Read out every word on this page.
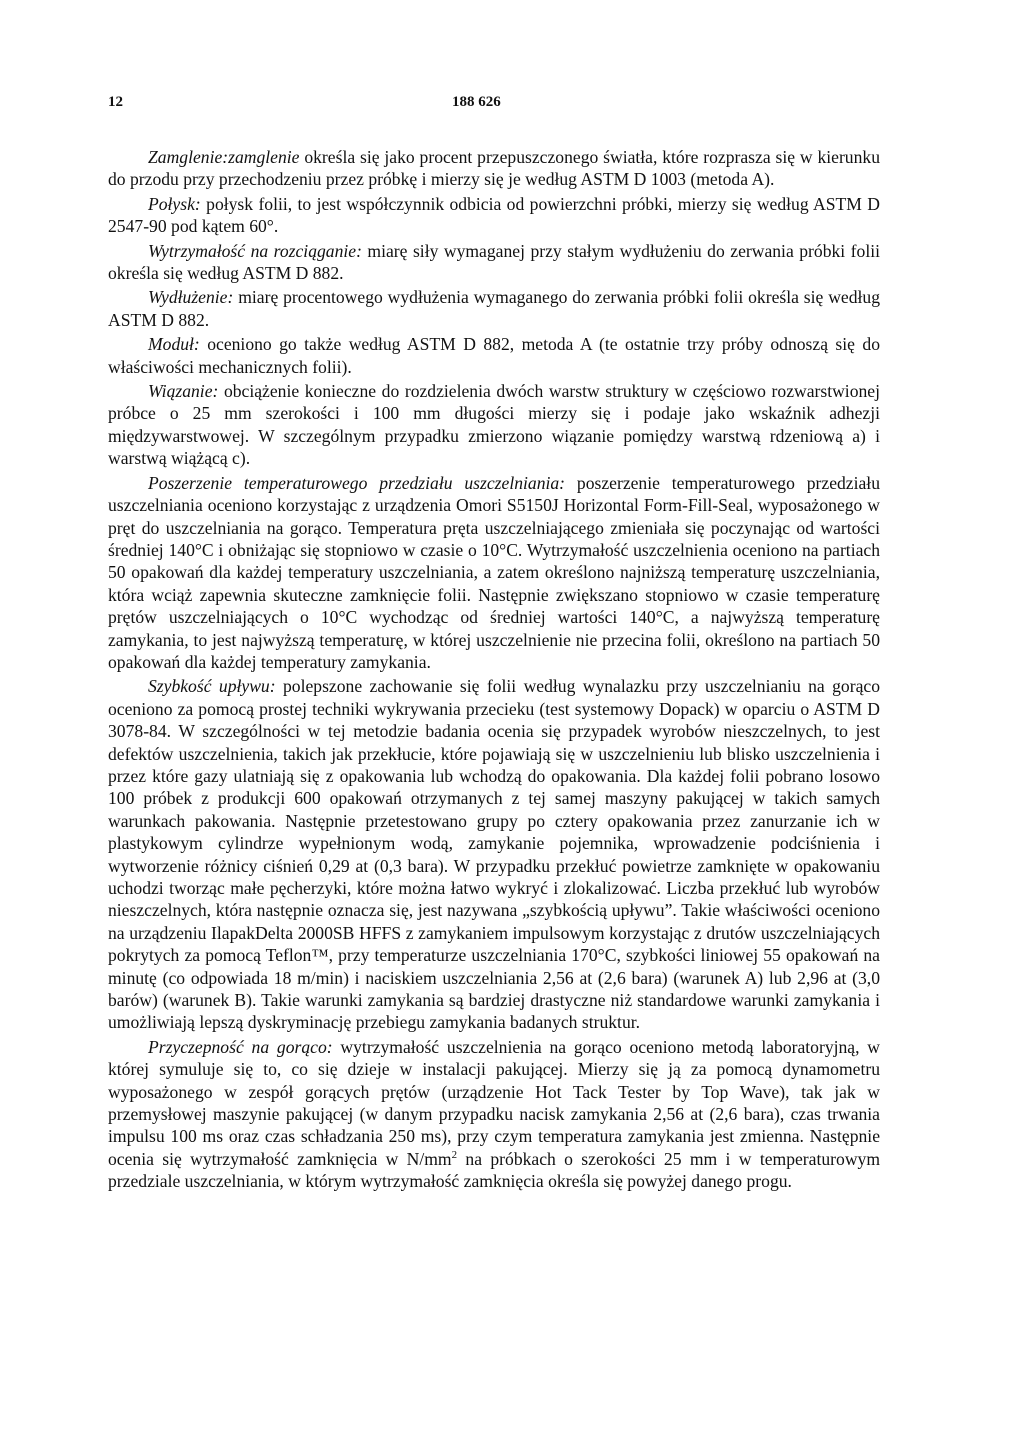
12	188 626

Zamglenie:zamglenie określa się jako procent przepuszczonego światła, które rozprasza się w kierunku do przodu przy przechodzeniu przez próbkę i mierzy się je według ASTM D 1003 (metoda A).

Połysk: połysk folii, to jest współczynnik odbicia od powierzchni próbki, mierzy się według ASTM D 2547-90 pod kątem 60°.

Wytrzymałość na rozciąganie: miarę siły wymaganej przy stałym wydłużeniu do zerwania próbki folii określa się według ASTM D 882.

Wydłużenie: miarę procentowego wydłużenia wymaganego do zerwania próbki folii określa się według ASTM D 882.

Moduł: oceniono go także według ASTM D 882, metoda A (te ostatnie trzy próby odnoszą się do właściwości mechanicznych folii).

Wiązanie: obciążenie konieczne do rozdzielenia dwóch warstw struktury w częściowo rozwarstwionej próbce o 25 mm szerokości i 100 mm długości mierzy się i podaje jako wskaźnik adhezji międzywarstwowej. W szczególnym przypadku zmierzono wiązanie pomiędzy warstwą rdzeniową a) i warstwą wiążącą c).

Poszerzenie temperaturowego przedziału uszczelniania: poszerzenie temperaturowego przedziału uszczelniania oceniono korzystając z urządzenia Omori S5150J Horizontal Form-Fill-Seal, wyposażonego w pręt do uszczelniania na gorąco. Temperatura pręta uszczelniającego zmieniała się poczynając od wartości średniej 140°C i obniżając się stopniowo w czasie o 10°C. Wytrzymałość uszczelnienia oceniono na partiach 50 opakowań dla każdej temperatury uszczelniania, a zatem określono najniższą temperaturę uszczelniania, która wciąż zapewnia skuteczne zamknięcie folii. Następnie zwiększano stopniowo w czasie temperaturę prętów uszczelniających o 10°C wychodząc od średniej wartości 140°C, a najwyższą temperaturę zamykania, to jest najwyższą temperaturę, w której uszczelnienie nie przecina folii, określono na partiach 50 opakowań dla każdej temperatury zamykania.

Szybkość upływu: polepszone zachowanie się folii według wynalazku przy uszczelnianiu na gorąco oceniono za pomocą prostej techniki wykrywania przecieku (test systemowy Dopack) w oparciu o ASTM D 3078-84. W szczególności w tej metodzie badania ocenia się przypadek wyrobów nieszczelnych, to jest defektów uszczelnienia, takich jak przekłucie, które pojawiają się w uszczelnieniu lub blisko uszczelnienia i przez które gazy ulatniają się z opakowania lub wchodzą do opakowania. Dla każdej folii pobrano losowo 100 próbek z produkcji 600 opakowań otrzymanych z tej samej maszyny pakującej w takich samych warunkach pakowania. Następnie przetestowano grupy po cztery opakowania przez zanurzanie ich w plastykowym cylindrze wypełnionym wodą, zamykanie pojemnika, wprowadzenie podciśnienia i wytworzenie różnicy ciśnień 0,29 at (0,3 bara). W przypadku przekłuć powietrze zamknięte w opakowaniu uchodzi tworząc małe pęcherzyki, które można łatwo wykryć i zlokalizować. Liczba przekłuć lub wyrobów nieszczelnych, która następnie oznacza się, jest nazywana „szybkością upływu”. Takie właściwości oceniono na urządzeniu IlapakDelta 2000SB HFFS z zamykaniem impulsowym korzystając z drutów uszczelniających pokrytych za pomocą Teflon™, przy temperaturze uszczelniania 170°C, szybkości liniowej 55 opakowań na minutę (co odpowiada 18 m/min) i naciskiem uszczelniania 2,56 at (2,6 bara) (warunek A) lub 2,96 at (3,0 barów) (warunek B). Takie warunki zamykania są bardziej drastyczne niż standardowe warunki zamykania i umożliwiają lepszą dyskryminację przebiegu zamykania badanych struktur.

Przyczepność na gorąco: wytrzymałość uszczelnienia na gorąco oceniono metodą laboratoryjną, w której symuluje się to, co się dzieje w instalacji pakującej. Mierzy się ją za pomocą dynamometru wyposażonego w zespół gorących prętów (urządzenie Hot Tack Tester by Top Wave), tak jak w przemysłowej maszynie pakującej (w danym przypadku nacisk zamykania 2,56 at (2,6 bara), czas trwania impulsu 100 ms oraz czas schładzania 250 ms), przy czym temperatura zamykania jest zmienna. Następnie ocenia się wytrzymałość zamknięcia w $N/mm^2$ na próbkach o szerokości 25 mm i w temperaturowym przedziale uszczelniania, w którym wytrzymałość zamknięcia określa się powyżej danego progu.
